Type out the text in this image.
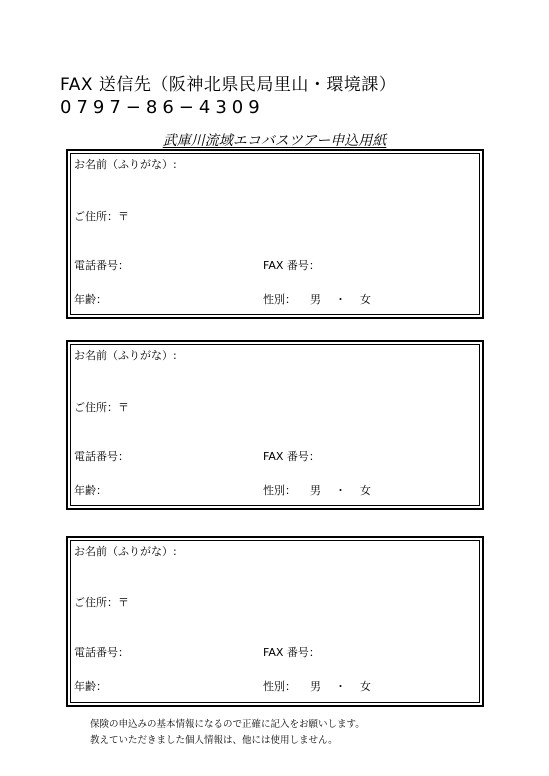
FAX 送信先（阪神北県民局里山・環境課）
0797−86−4309
武庫川流域エコバスツアー申込用紙
お名前（ふりがな）:
ご住所：〒
電話番号：	FAX 番号：
年齢：	性別： 男 ・ 女
お名前（ふりがな）:
ご住所：〒
電話番号：	FAX 番号：
年齢：	性別： 男 ・ 女
お名前（ふりがな）:
ご住所：〒
電話番号：	FAX 番号：
年齢：	性別： 男 ・ 女
保険の申込みの基本情報になるので正確に記入をお願いします。
教えていただきました個人情報は、他には使用しません。
